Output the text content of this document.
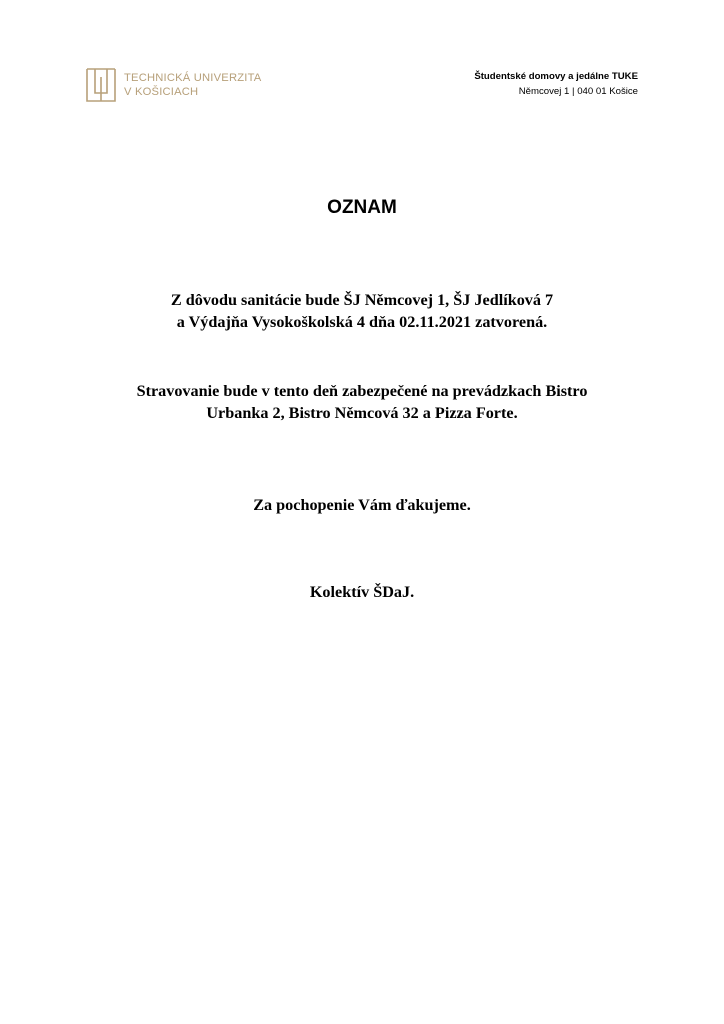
TECHNICKÁ UNIVERZITA
V KOŠICIACH
Študentské domovy a jedálne TUKE
Němcovej 1 | 040 01 Košice
OZNAM
Z dôvodu sanitácie bude ŠJ Němcovej 1, ŠJ Jedlíková 7
a Výdajňa Vysokoškolská 4 dňa 02.11.2021 zatvorená.
Stravovanie bude v tento deň zabezpečené na prevádzkach Bistro
Urbanka 2, Bistro Němcová 32 a Pizza Forte.
Za pochopenie Vám ďakujeme.
Kolektív ŠDaJ.
